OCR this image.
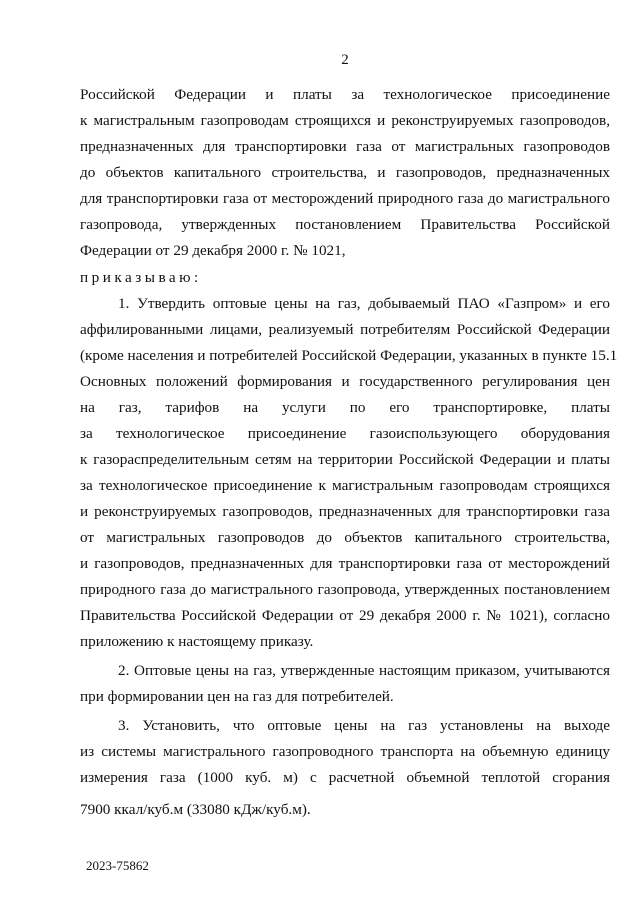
2
Российской Федерации и платы за технологическое присоединение
к магистральным газопроводам строящихся и реконструируемых газопроводов,
предназначенных для транспортировки газа от магистральных газопроводов
до объектов капитального строительства, и газопроводов, предназначенных
для транспортировки газа от месторождений природного газа до магистрального
газопровода, утвержденных постановлением Правительства Российской
Федерации от 29 декабря 2000 г. № 1021,
приказываю:
1. Утвердить оптовые цены на газ, добываемый ПАО «Газпром» и его
аффилированными лицами, реализуемый потребителям Российской Федерации
(кроме населения и потребителей Российской Федерации, указанных в пункте 15.1
Основных положений формирования и государственного регулирования цен
на газ, тарифов на услуги по его транспортировке, платы
за технологическое присоединение газоиспользующего оборудования
к газораспределительным сетям на территории Российской Федерации и платы
за технологическое присоединение к магистральным газопроводам строящихся
и реконструируемых газопроводов, предназначенных для транспортировки газа
от магистральных газопроводов до объектов капитального строительства,
и газопроводов, предназначенных для транспортировки газа от месторождений
природного газа до магистрального газопровода, утвержденных постановлением
Правительства Российской Федерации от 29 декабря 2000 г. № 1021), согласно
приложению к настоящему приказу.
2. Оптовые цены на газ, утвержденные настоящим приказом, учитываются
при формировании цен на газ для потребителей.
3. Установить, что оптовые цены на газ установлены на выходе
из системы магистрального газопроводного транспорта на объемную единицу
измерения газа (1000 куб. м) с расчетной объемной теплотой сгорания
7900 ккал/куб.м (33080 кДж/куб.м).
2023-75862
